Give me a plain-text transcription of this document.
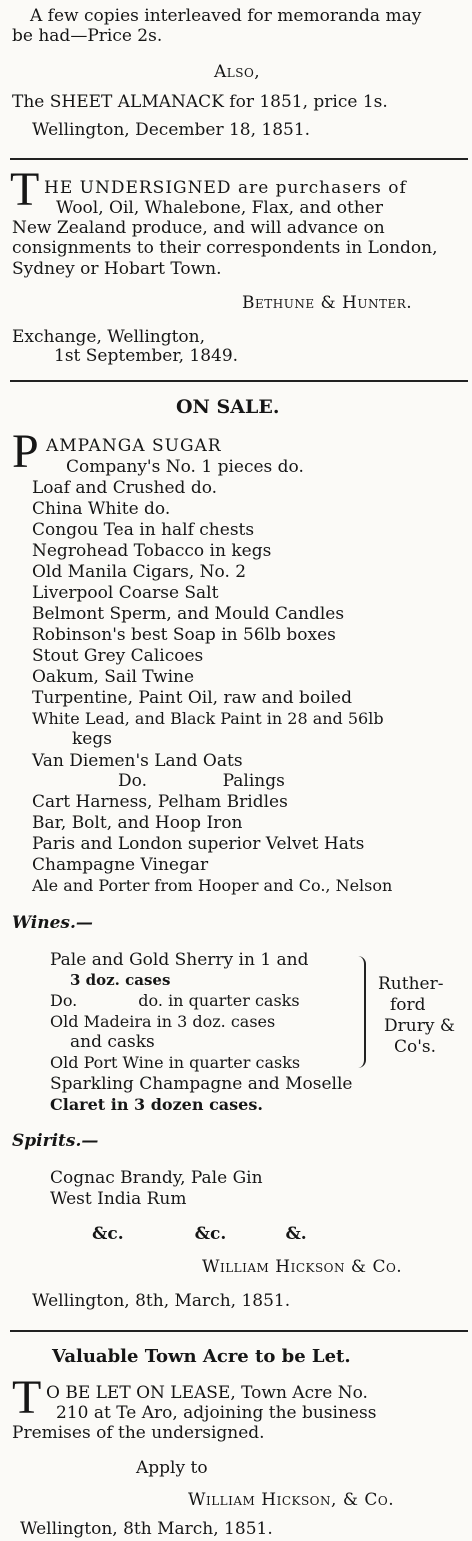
A few copies interleaved for memoranda may
be had—Price 2s.
Also,
The SHEET ALMANACK for 1851, price 1s.
Wellington, December 18, 1851.
T HE UNDERSIGNED are purchasers of
Wool, Oil, Whalebone, Flax, and other
New Zealand produce, and will advance on
consignments to their correspondents in London,
Sydney or Hobart Town.
Bethune & Hunter.
Exchange, Wellington,
1st September, 1849.
ON SALE.
P AMPANGA SUGAR
Company's No. 1 pieces do.
Loaf and Crushed do.
China White do.
Congou Tea in half chests
Negrohead Tobacco in kegs
Old Manila Cigars, No. 2
Liverpool Coarse Salt
Belmont Sperm, and Mould Candles
Robinson's best Soap in 56lb boxes
Stout Grey Calicoes
Oakum, Sail Twine
Turpentine, Paint Oil, raw and boiled
White Lead, and Black Paint in 28 and 56lb
kegs
Van Diemen's Land Oats
Do.              Palings
Cart Harness, Pelham Bridles
Bar, Bolt, and Hoop Iron
Paris and London superior Velvet Hats
Champagne Vinegar
Ale and Porter from Hooper and Co., Nelson
Wines.—
Pale and Gold Sherry in 1 and
3 doz. cases
Do.            do. in quarter casks
Old Madeira in 3 doz. cases
and casks
Old Port Wine in quarter casks
Ruther-
ford
Drury &
Co's.
Sparkling Champagne and Moselle
Claret in 3 dozen cases.
Spirits.—
Cognac Brandy, Pale Gin
West India Rum
&c.            &c.          &.
William Hickson & Co.
Wellington, 8th, March, 1851.
Valuable Town Acre to be Let.
T O BE LET ON LEASE, Town Acre No.
210 at Te Aro, adjoining the business
Premises of the undersigned.
Apply to
William Hickson, & Co.
Wellington, 8th March, 1851.
